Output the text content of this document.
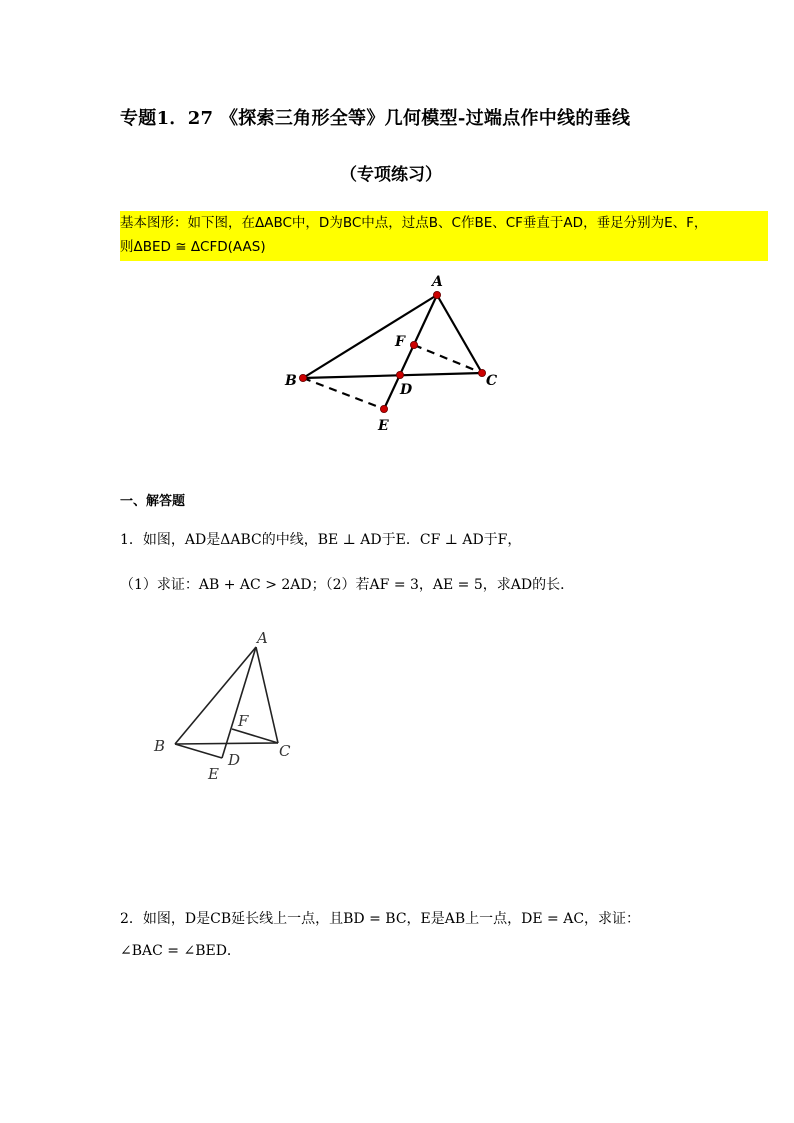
专题1．27 《探索三角形全等》几何模型-过端点作中线的垂线
（专项练习）
基本图形：如下图，在ΔABC中，D为BC中点，过点B、C作BE、CF垂直于AD，垂足分别为E、F，
则ΔBED ≅ ΔCFD(AAS)
A
F
B
D
C
E
一、解答题
1．如图，AD是ΔABC的中线，BE ⊥ AD于E．CF ⊥ AD于F，
（1）求证：AB + AC > 2AD；（2）若AF = 3，AE = 5，求AD的长．
A
F
B
D	C
E
2．如图，D是CB延长线上一点，且BD = BC，E是AB上一点，DE = AC，求证：
∠BAC = ∠BED．
